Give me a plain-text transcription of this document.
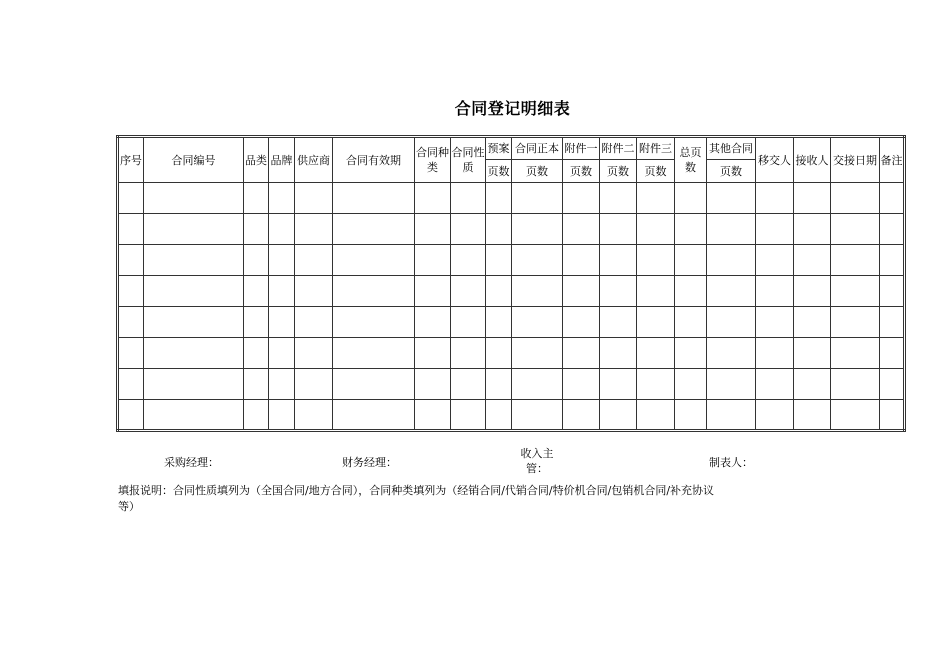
合同登记明细表
序号	合同编号	品类	品牌	供应商	合同有效期	合同种类	合同性质	预案	合同正本	附件一	附件二	附件三	总页数	其他合同	移交人	接收人	交接日期	备注
								页数	页数	页数	页数	页数		页数				

采购经理：	财务经理：
收入主管：	制表人：
填报说明：合同性质填列为（全国合同/地方合同），合同种类填列为（经销合同/代销合同/特价机合同/包销机合同/补充协议等）
